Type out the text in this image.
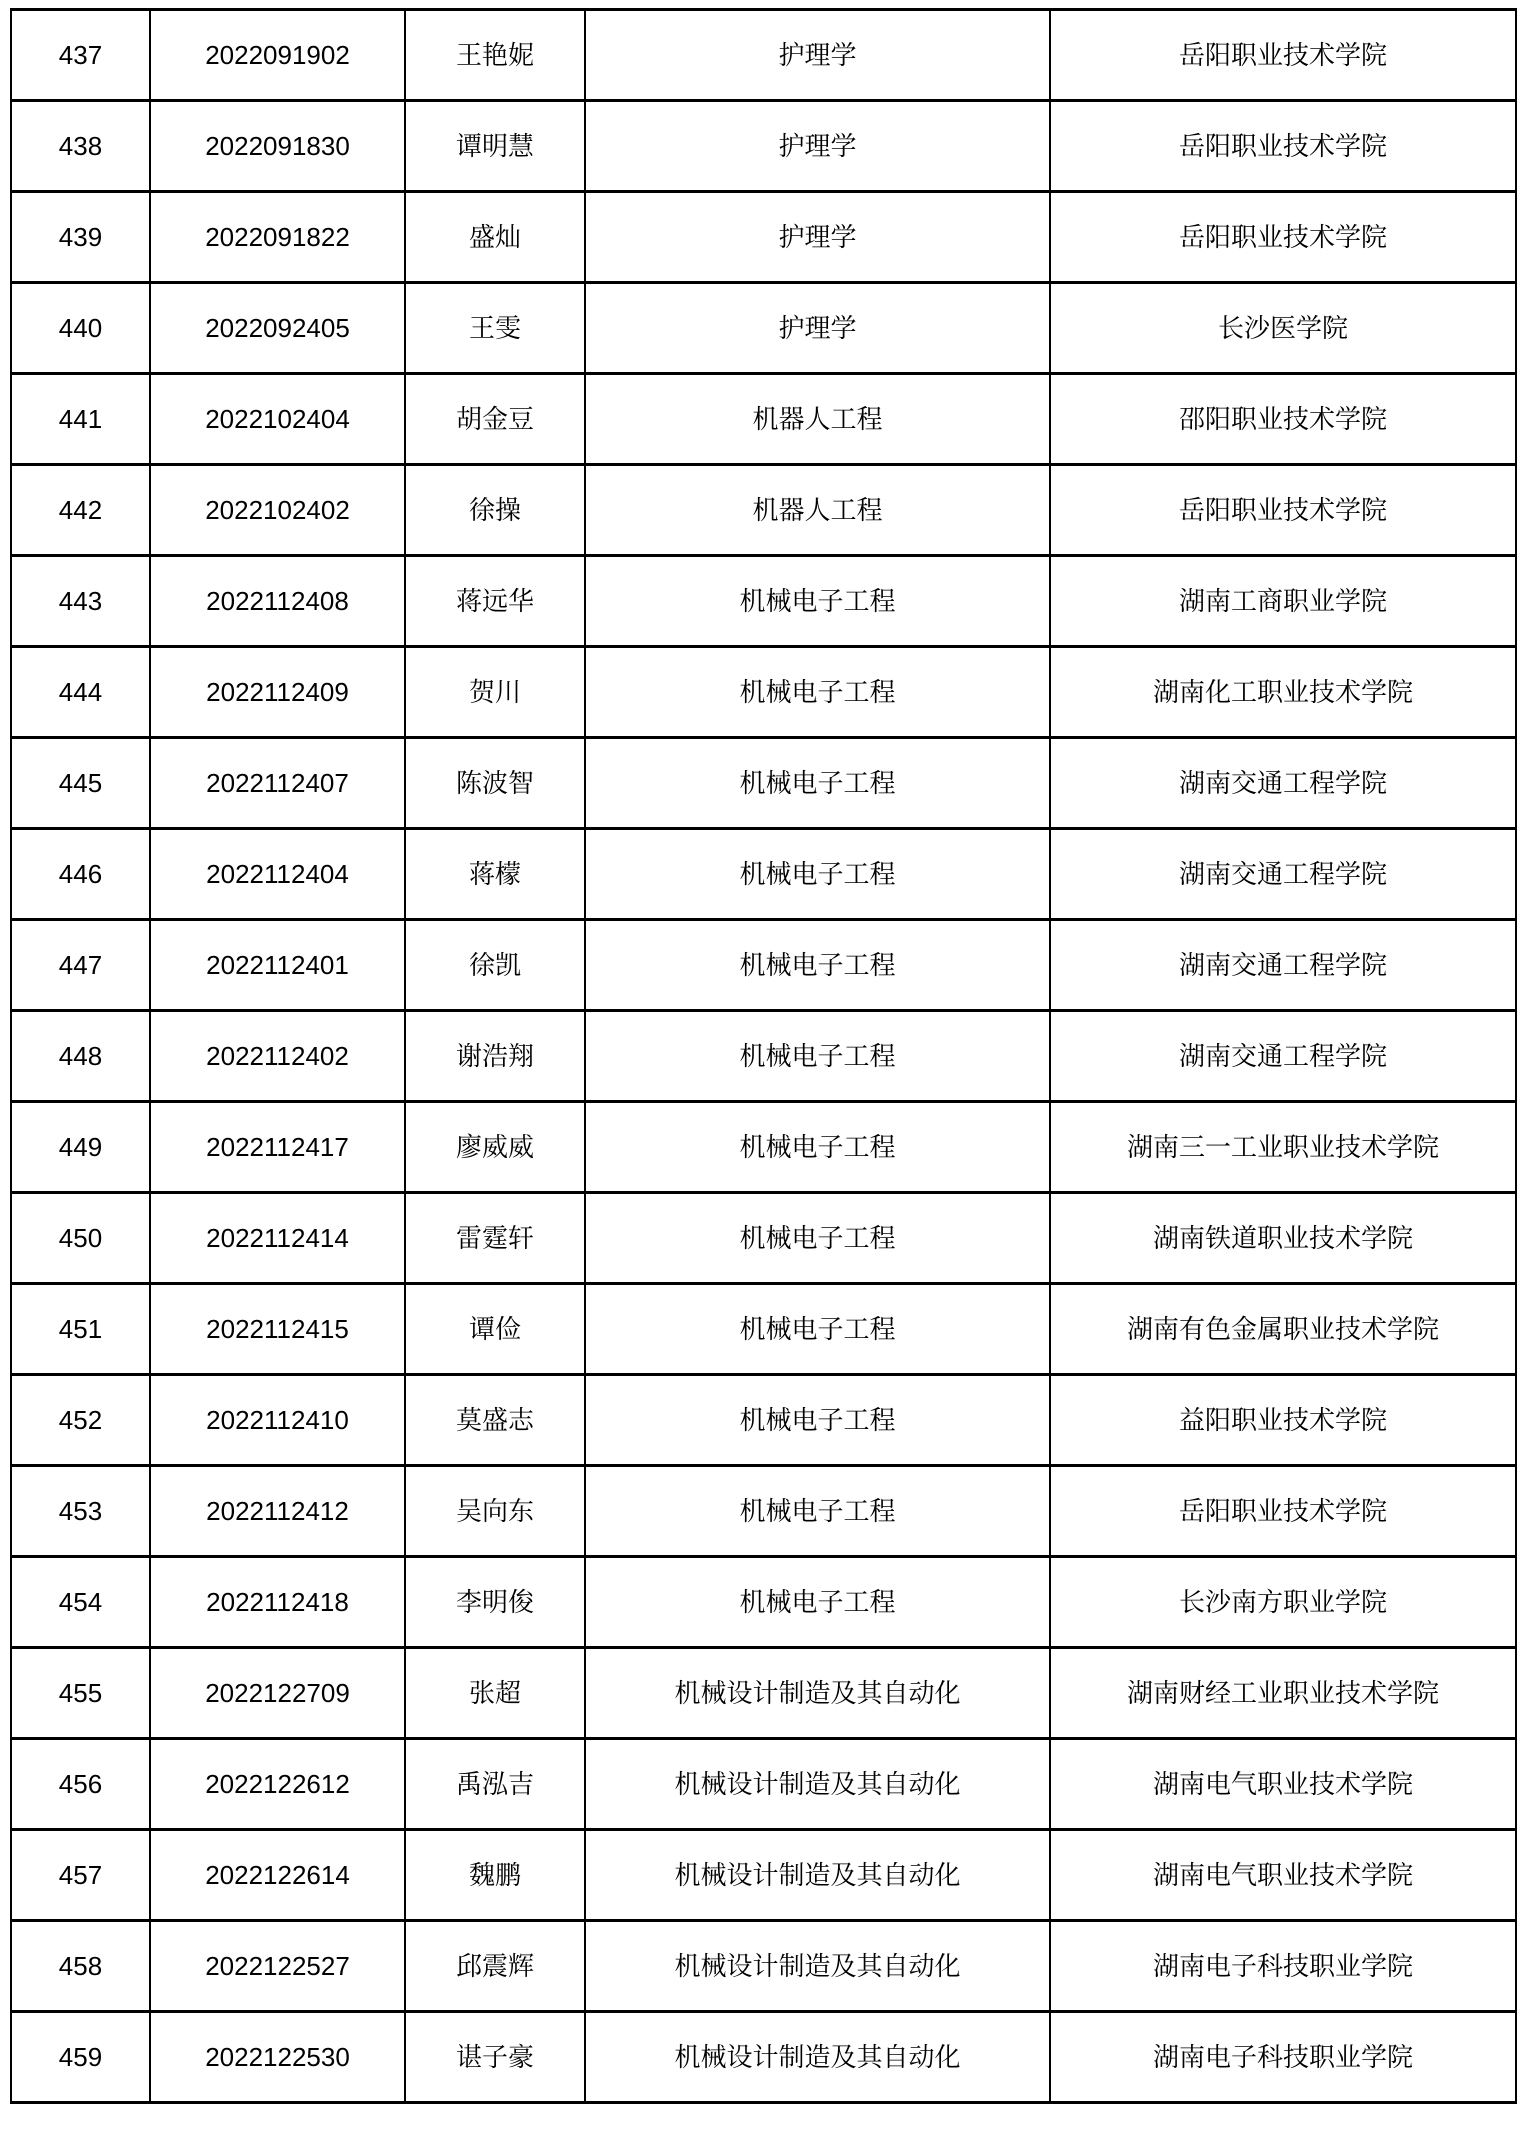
437	2022091902	王艳妮	护理学	岳阳职业技术学院
438	2022091830	谭明慧	护理学	岳阳职业技术学院
439	2022091822	盛灿	护理学	岳阳职业技术学院
440	2022092405	王雯	护理学	长沙医学院
441	2022102404	胡金豆	机器人工程	邵阳职业技术学院
442	2022102402	徐操	机器人工程	岳阳职业技术学院
443	2022112408	蒋远华	机械电子工程	湖南工商职业学院
444	2022112409	贺川	机械电子工程	湖南化工职业技术学院
445	2022112407	陈波智	机械电子工程	湖南交通工程学院
446	2022112404	蒋檬	机械电子工程	湖南交通工程学院
447	2022112401	徐凯	机械电子工程	湖南交通工程学院
448	2022112402	谢浩翔	机械电子工程	湖南交通工程学院
449	2022112417	廖威威	机械电子工程	湖南三一工业职业技术学院
450	2022112414	雷霆轩	机械电子工程	湖南铁道职业技术学院
451	2022112415	谭俭	机械电子工程	湖南有色金属职业技术学院
452	2022112410	莫盛志	机械电子工程	益阳职业技术学院
453	2022112412	吴向东	机械电子工程	岳阳职业技术学院
454	2022112418	李明俊	机械电子工程	长沙南方职业学院
455	2022122709	张超	机械设计制造及其自动化	湖南财经工业职业技术学院
456	2022122612	禹泓吉	机械设计制造及其自动化	湖南电气职业技术学院
457	2022122614	魏鹏	机械设计制造及其自动化	湖南电气职业技术学院
458	2022122527	邱震辉	机械设计制造及其自动化	湖南电子科技职业学院
459	2022122530	谌子豪	机械设计制造及其自动化	湖南电子科技职业学院
